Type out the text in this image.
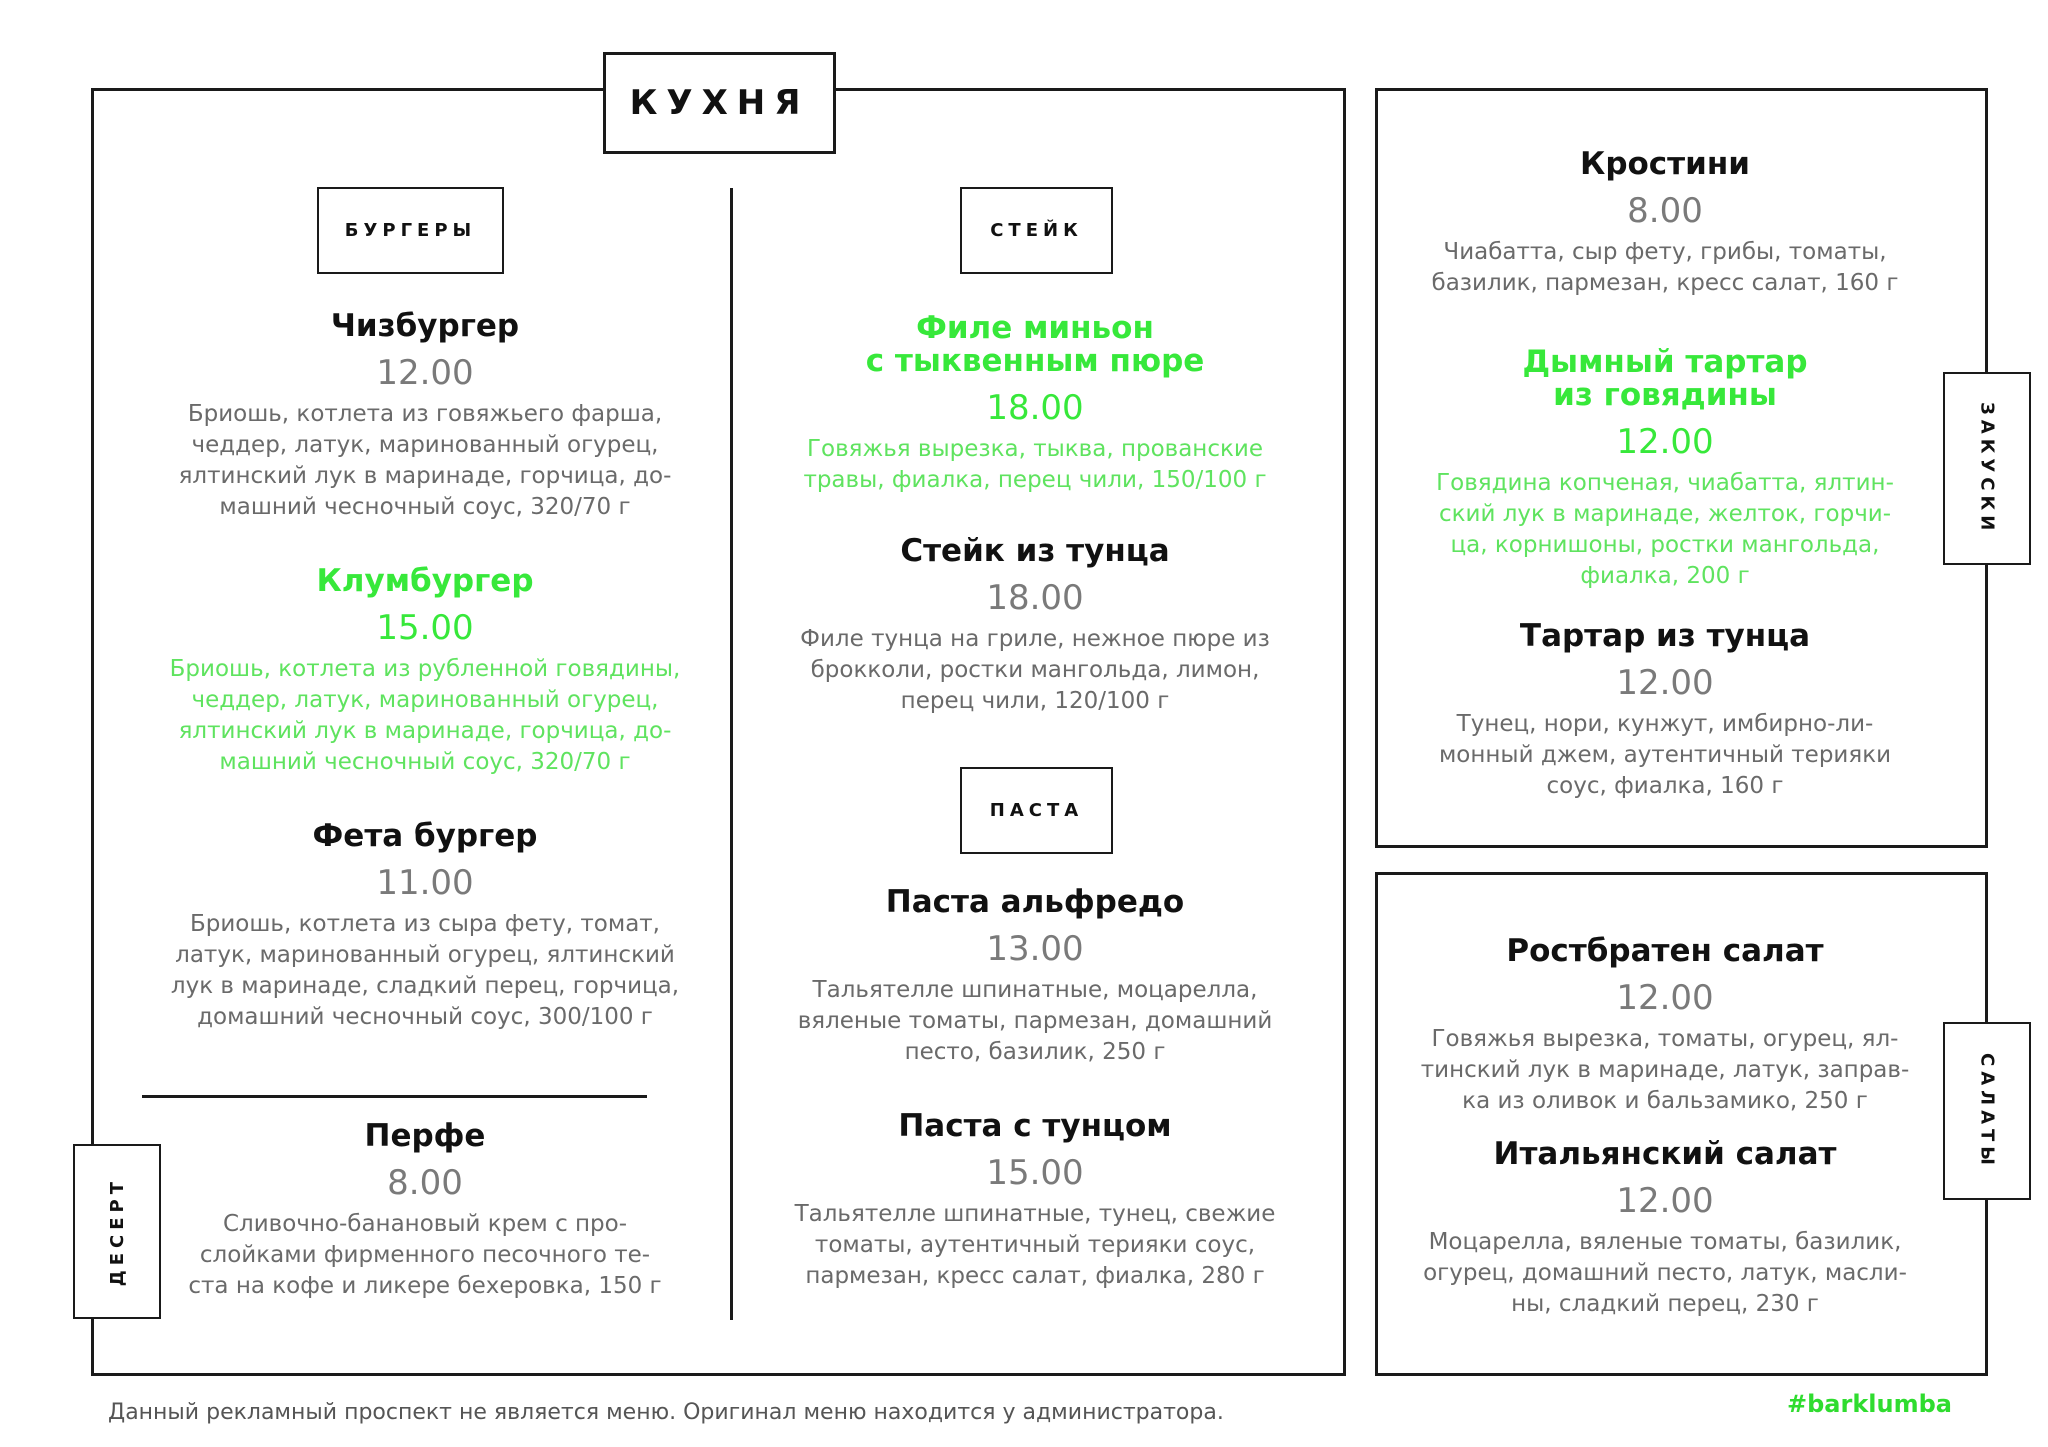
КУХНЯ
БУРГЕРЫ
Чизбургер
12.00
Бриошь, котлета из говяжьего фарша,
чеддер, латук, маринованный огурец,
ялтинский лук в маринаде, горчица, до-
машний чесночный соус, 320/70 г
Клумбургер
15.00
Бриошь, котлета из рубленной говядины,
чеддер, латук, маринованный огурец,
ялтинский лук в маринаде, горчица, до-
машний чесночный соус, 320/70 г
Фета бургер
11.00
Бриошь, котлета из сыра фету, томат,
латук, маринованный огурец, ялтинский
лук в маринаде, сладкий перец, горчица,
домашний чесночный соус, 300/100 г
ДЕСЕРТ
Перфе
8.00
Сливочно-банановый крем с про-
слойками фирменного песочного те-
ста на кофе и ликере бехеровка, 150 г
СТЕЙК
Филе миньон
с тыквенным пюре
18.00
Говяжья вырезка, тыква, прованские
травы, фиалка, перец чили, 150/100 г
Стейк из тунца
18.00
Филе тунца на гриле, нежное пюре из
брокколи, ростки мангольда, лимон,
перец чили, 120/100 г
ПАСТА
Паста альфредо
13.00
Тальятелле шпинатные, моцарелла,
вяленые томаты, пармезан, домашний
песто, базилик, 250 г
Паста с тунцом
15.00
Тальятелле шпинатные, тунец, свежие
томаты, аутентичный терияки соус,
пармезан, кресс салат, фиалка, 280 г
ЗАКУСКИ
Кростини
8.00
Чиабатта, сыр фету, грибы, томаты,
базилик, пармезан, кресс салат, 160 г
Дымный тартар
из говядины
12.00
Говядина копченая, чиабатта, ялтин-
ский лук в маринаде, желток, горчи-
ца, корнишоны, ростки мангольда,
фиалка, 200 г
Тартар из тунца
12.00
Тунец, нори, кунжут, имбирно-ли-
монный джем, аутентичный терияки
соус, фиалка, 160 г
САЛАТЫ
Ростбратен салат
12.00
Говяжья вырезка, томаты, огурец, ял-
тинский лук в маринаде, латук, заправ-
ка из оливок и бальзамико, 250 г
Итальянский салат
12.00
Моцарелла, вяленые томаты, базилик,
огурец, домашний песто, латук, масли-
ны, сладкий перец, 230 г
Данный рекламный проспект не является меню. Оригинал меню находится у администратора.	#barklumba
